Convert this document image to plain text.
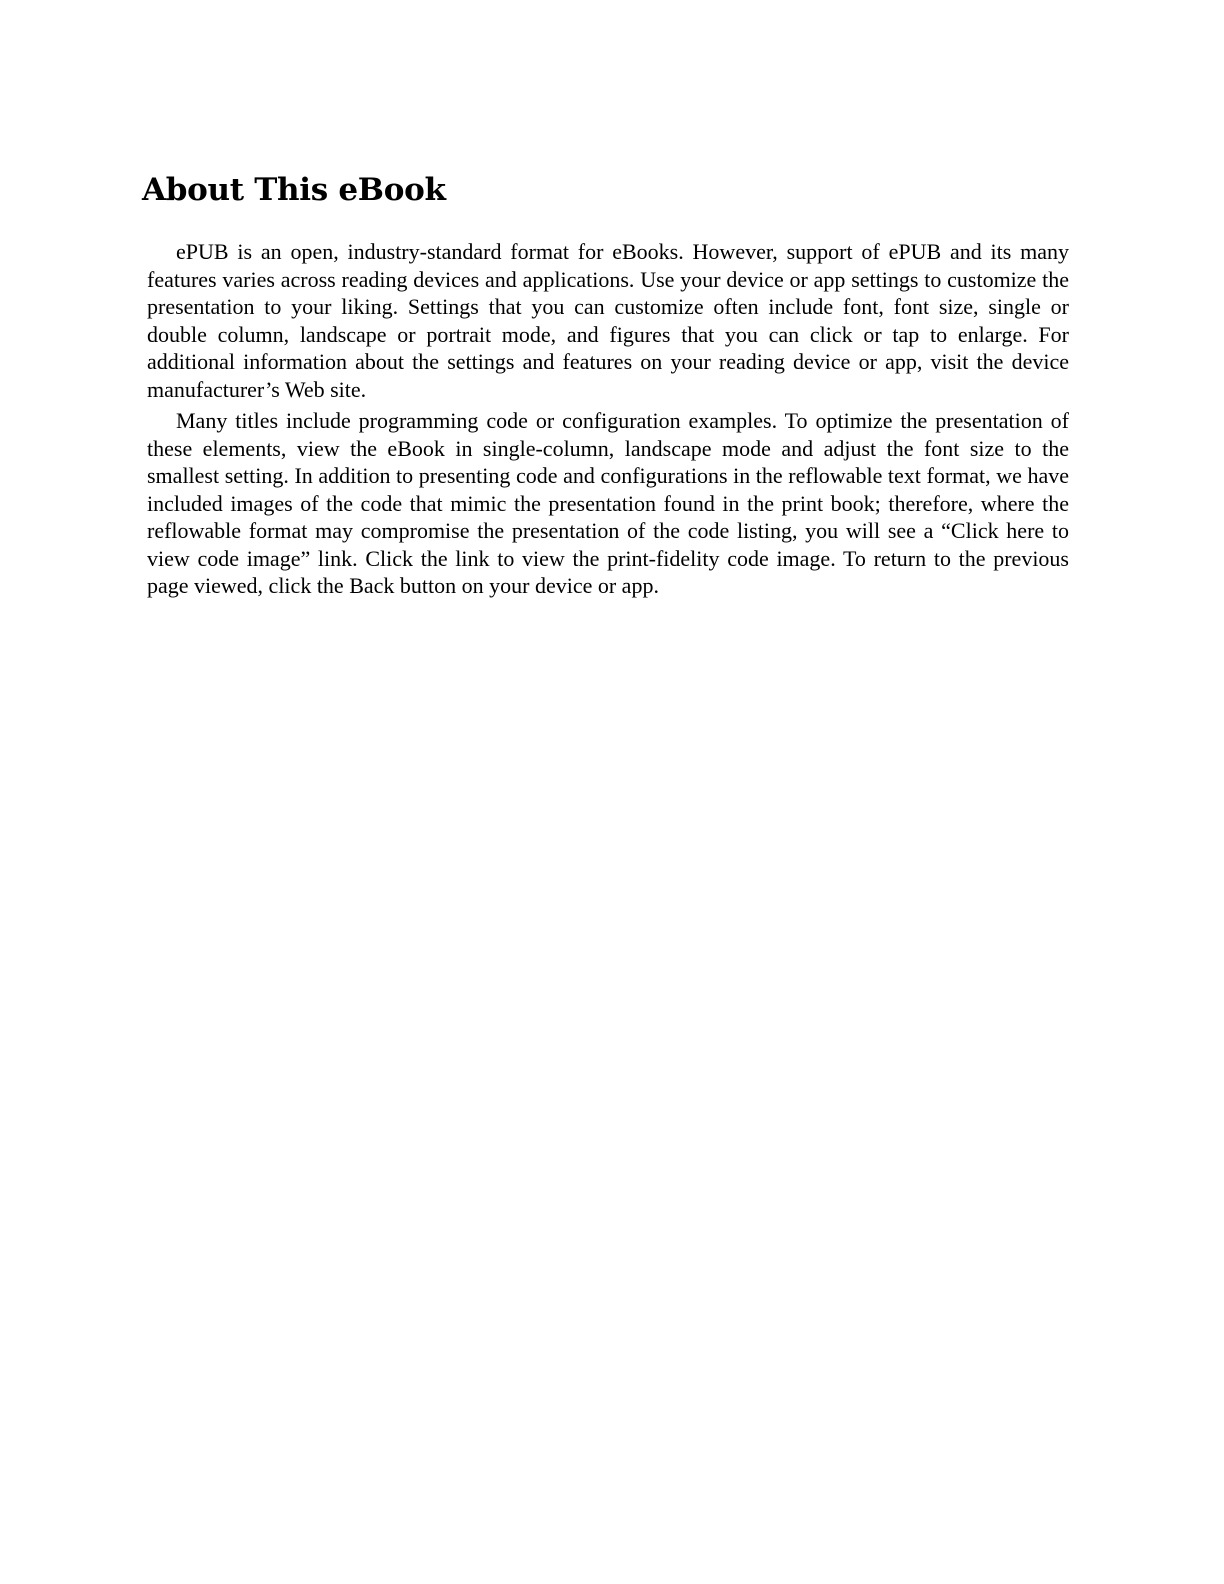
About This eBook

ePUB is an open, industry-standard format for eBooks. However, support of ePUB and its many features varies across reading devices and applications. Use your device or app settings to customize the presentation to your liking. Settings that you can customize often include font, font size, single or double column, landscape or portrait mode, and figures that you can click or tap to enlarge. For additional information about the settings and features on your reading device or app, visit the device manufacturer’s Web site.

Many titles include programming code or configuration examples. To optimize the presentation of these elements, view the eBook in single-column, landscape mode and adjust the font size to the smallest setting. In addition to presenting code and configurations in the reflowable text format, we have included images of the code that mimic the presentation found in the print book; therefore, where the reflowable format may compromise the presentation of the code listing, you will see a “Click here to view code image” link. Click the link to view the print-fidelity code image. To return to the previous page viewed, click the Back button on your device or app.
